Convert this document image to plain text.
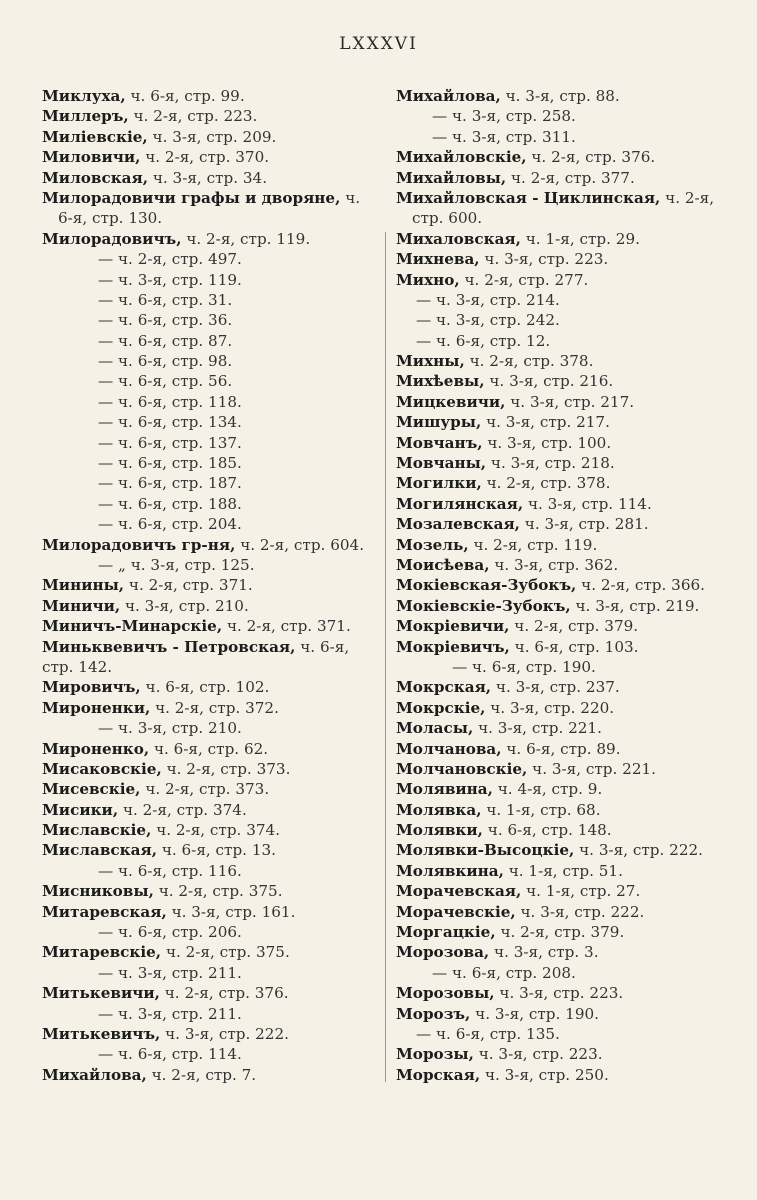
LXXXVI
Миклуха, ч. 6-я, стр. 99.
Миллеръ, ч. 2-я, стр. 223.
Миліевскіе, ч. 3-я, стр. 209.
Миловичи, ч. 2-я, стр. 370.
Миловская, ч. 3-я, стр. 34.
Милорадовичи графы и дворяне, ч.
6-я, стр. 130.
Милорадовичъ, ч. 2-я, стр. 119.
— ч. 2-я, стр. 497.
— ч. 3-я, стр. 119.
— ч. 6-я, стр. 31.
— ч. 6-я, стр. 36.
— ч. 6-я, стр. 87.
— ч. 6-я, стр. 98.
— ч. 6-я, стр. 56.
— ч. 6-я, стр. 118.
— ч. 6-я, стр. 134.
— ч. 6-я, стр. 137.
— ч. 6-я, стр. 185.
— ч. 6-я, стр. 187.
— ч. 6-я, стр. 188.
— ч. 6-я, стр. 204.
Милорадовичъ гр-ня, ч. 2-я, стр. 604.
— „ ч. 3-я, стр. 125.
Минины, ч. 2-я, стр. 371.
Миничи, ч. 3-я, стр. 210.
Миничъ-Минарскіе, ч. 2-я, стр. 371.
Миньквевичъ - Петровская, ч. 6-я,
стр. 142.
Мировичъ, ч. 6-я, стр. 102.
Мироненки, ч. 2-я, стр. 372.
— ч. 3-я, стр. 210.
Мироненко, ч. 6-я, стр. 62.
Мисаковскіе, ч. 2-я, стр. 373.
Мисевскіе, ч. 2-я, стр. 373.
Мисики, ч. 2-я, стр. 374.
Миславскіе, ч. 2-я, стр. 374.
Миславская, ч. 6-я, стр. 13.
— ч. 6-я, стр. 116.
Мисниковы, ч. 2-я, стр. 375.
Митаревская, ч. 3-я, стр. 161.
— ч. 6-я, стр. 206.
Митаревскіе, ч. 2-я, стр. 375.
— ч. 3-я, стр. 211.
Митькевичи, ч. 2-я, стр. 376.
— ч. 3-я, стр. 211.
Митькевичъ, ч. 3-я, стр. 222.
— ч. 6-я, стр. 114.
Михайлова, ч. 2-я, стр. 7.
Михайлова, ч. 3-я, стр. 88.
— ч. 3-я, стр. 258.
— ч. 3-я, стр. 311.
Михайловскіе, ч. 2-я, стр. 376.
Михайловы, ч. 2-я, стр. 377.
Михайловская - Циклинская, ч. 2-я,
стр. 600.
Михаловская, ч. 1-я, стр. 29.
Михнева, ч. 3-я, стр. 223.
Михно, ч. 2-я, стр. 277.
— ч. 3-я, стр. 214.
— ч. 3-я, стр. 242.
— ч. 6-я, стр. 12.
Михны, ч. 2-я, стр. 378.
Михѣевы, ч. 3-я, стр. 216.
Мицкевичи, ч. 3-я, стр. 217.
Мишуры, ч. 3-я, стр. 217.
Мовчанъ, ч. 3-я, стр. 100.
Мовчаны, ч. 3-я, стр. 218.
Могилки, ч. 2-я, стр. 378.
Могилянская, ч. 3-я, стр. 114.
Мозалевская, ч. 3-я, стр. 281.
Мозель, ч. 2-я, стр. 119.
Моисѣева, ч. 3-я, стр. 362.
Мокіевская-Зубокъ, ч. 2-я, стр. 366.
Мокіевскіе-Зубокъ, ч. 3-я, стр. 219.
Мокріевичи, ч. 2-я, стр. 379.
Мокріевичъ, ч. 6-я, стр. 103.
— ч. 6-я, стр. 190.
Мокрская, ч. 3-я, стр. 237.
Мокрскіе, ч. 3-я, стр. 220.
Моласы, ч. 3-я, стр. 221.
Молчанова, ч. 6-я, стр. 89.
Молчановскіе, ч. 3-я, стр. 221.
Молявина, ч. 4-я, стр. 9.
Молявка, ч. 1-я, стр. 68.
Молявки, ч. 6-я, стр. 148.
Молявки-Высоцкіе, ч. 3-я, стр. 222.
Молявкина, ч. 1-я, стр. 51.
Морачевская, ч. 1-я, стр. 27.
Морачевскіе, ч. 3-я, стр. 222.
Моргацкіе, ч. 2-я, стр. 379.
Морозова, ч. 3-я, стр. 3.
— ч. 6-я, стр. 208.
Морозовы, ч. 3-я, стр. 223.
Морозъ, ч. 3-я, стр. 190.
— ч. 6-я, стр. 135.
Морозы, ч. 3-я, стр. 223.
Морская, ч. 3-я, стр. 250.
